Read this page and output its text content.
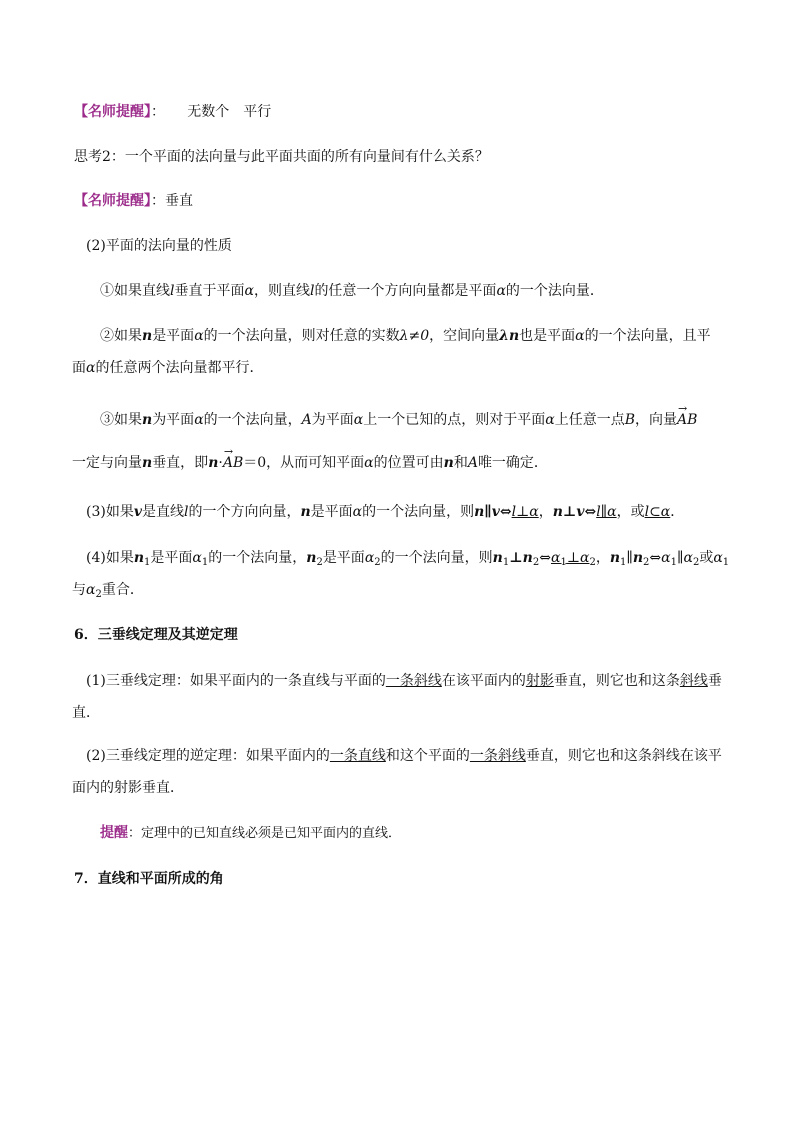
【名师提醒】： 无数个　平行
思考2：一个平面的法向量与此平面共面的所有向量间有什么关系？
【名师提醒】：垂直
(2)平面的法向量的性质
①如果直线l垂直于平面α，则直线l的任意一个方向向量都是平面α的一个法向量．
②如果n是平面α的一个法向量，则对任意的实数λ≠0，空间向量λn也是平面α的一个法向量，且平
面α的任意两个法向量都平行．
③如果n为平面α的一个法向量，A为平面α上一个已知的点，则对于平面α上任意一点B，向量→ AB
一定与向量n垂直，即n·→ AB＝0，从而可知平面α的位置可由n和A唯一确定．
(3)如果v是直线l的一个方向向量，n是平面α的一个法向量，则n∥v⇔l⊥α，n⊥v⇔l∥α，或l⊂α．
(4)如果$n_1$是平面$\alpha_1$的一个法向量，$n_2$是平面$\alpha_2$的一个法向量，则$n_1\perp n_2\Leftrightarrow\alpha_1\perp\alpha_2$，$n_1\parallel n_2\Leftrightarrow\alpha_1\parallel\alpha_2$或$\alpha_1$
与$\alpha_2$重合．
6．三垂线定理及其逆定理
(1)三垂线定理：如果平面内的一条直线与平面的一条斜线在该平面内的射影垂直，则它也和这条斜线垂
直．
(2)三垂线定理的逆定理：如果平面内的一条直线和这个平面的一条斜线垂直，则它也和这条斜线在该平
面内的射影垂直．
提醒：定理中的已知直线必须是已知平面内的直线．
7．直线和平面所成的角
